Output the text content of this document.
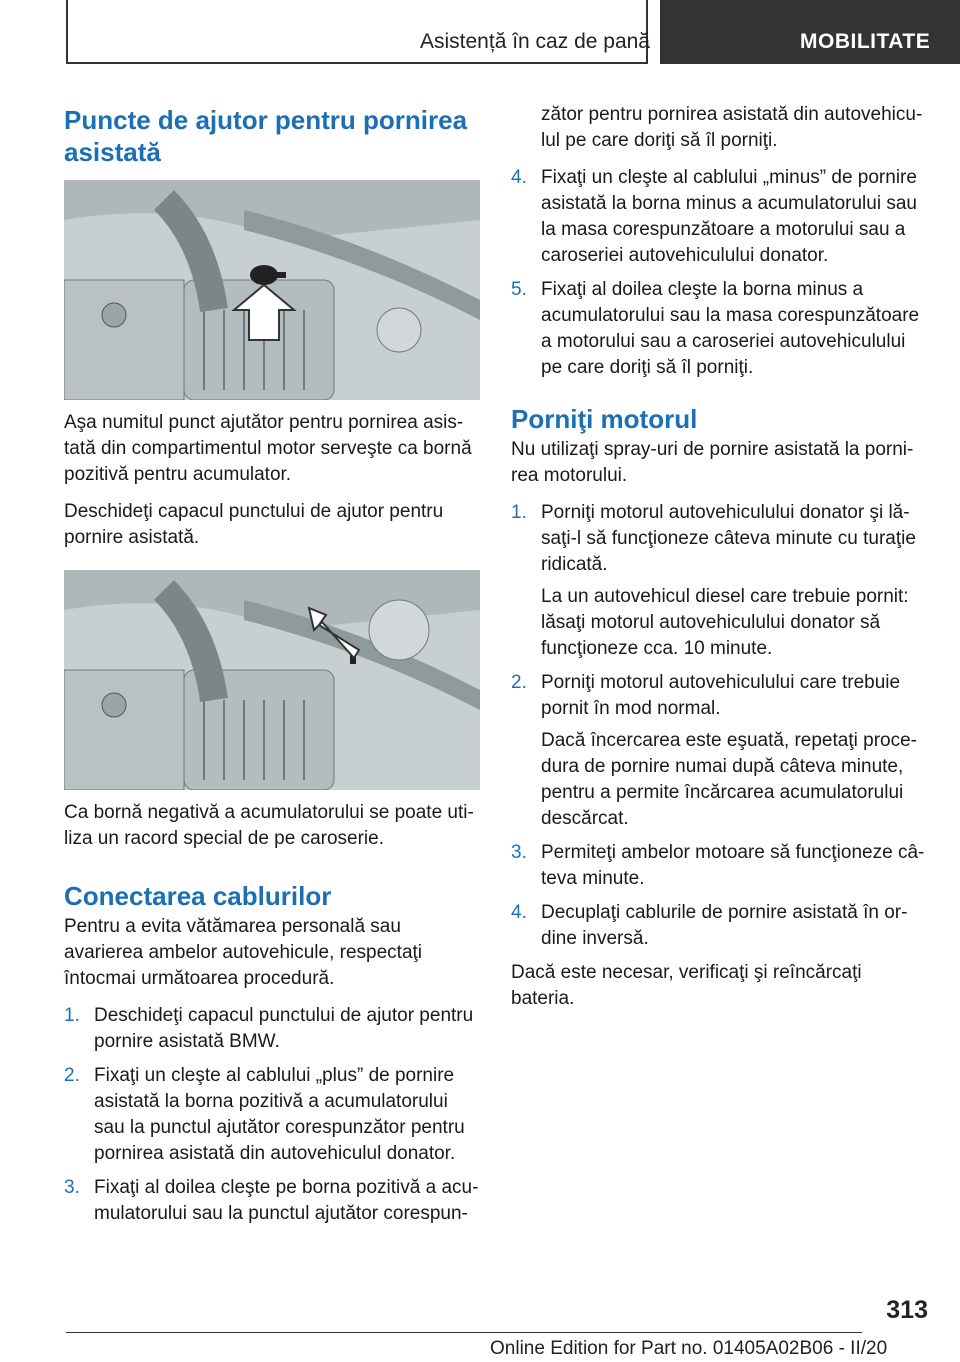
Asistență în caz de pană	MOBILITATE
Puncte de ajutor pentru pornirea asistată

Aşa numitul punct ajutător pentru pornirea asistată din compartimentul motor serveşte ca bornă pozitivă pentru acumulator.

Deschideţi capacul punctului de ajutor pentru pornire asistată.

Ca bornă negativă a acumulatorului se poate utiliza un racord special de pe caroserie.

Conectarea cablurilor

Pentru a evita vătămarea personală sau avarierea ambelor autovehicule, respectaţi întocmai următoarea procedură.

1. Deschideţi capacul punctului de ajutor pentru pornire asistată BMW.
2. Fixaţi un cleşte al cablului „plus” de pornire asistată la borna pozitivă a acumulatorului sau la punctul ajutător corespunzător pentru pornirea asistată din autovehiculul donator.
3. Fixaţi al doilea cleşte pe borna pozitivă a acumulatorului sau la punctul ajutător corespun-

zător pentru pornirea asistată din autovehiculul pe care doriţi să îl porniţi.

4. Fixaţi un cleşte al cablului „minus” de pornire asistată la borna minus a acumulatorului sau la masa corespunzătoare a motorului sau a caroseriei autovehiculului donator.
5. Fixaţi al doilea cleşte la borna minus a acumulatorului sau la masa corespunzătoare a motorului sau a caroseriei autovehiculului pe care doriţi să îl porniţi.
Porniţi motorul

Nu utilizaţi spray-uri de pornire asistată la pornirea motorului.

1. Porniţi motorul autovehiculului donator şi lăsaţi-l să funcţioneze câteva minute cu turaţie ridicată.
La un autovehicul diesel care trebuie pornit: lăsaţi motorul autovehiculului donator să funcţioneze cca. 10 minute.
2. Porniţi motorul autovehiculului care trebuie pornit în mod normal.
Dacă încercarea este eşuată, repetaţi procedura de pornire numai după câteva minute, pentru a permite încărcarea acumulatorului descărcat.
3. Permiteţi ambelor motoare să funcţioneze câteva minute.
4. Decuplaţi cablurile de pornire asistată în ordine inversă.

Dacă este necesar, verificaţi şi reîncărcaţi bateria.

313
Online Edition for Part no. 01405A02B06 - II/20
